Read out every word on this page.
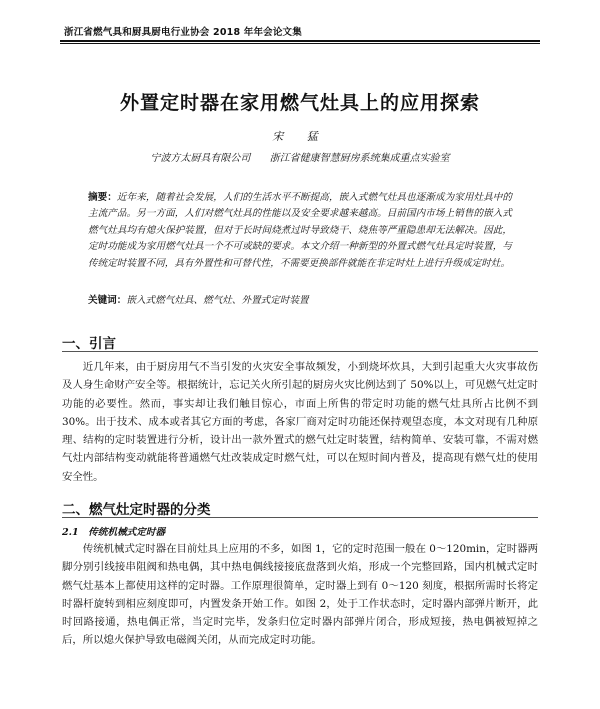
浙江省燃气具和厨具厨电行业协会 2018 年年会论文集
外置定时器在家用燃气灶具上的应用探索
宋 猛
宁波方太厨具有限公司 浙江省健康智慧厨房系统集成重点实验室
摘要：近年来，随着社会发展，人们的生活水平不断提高，嵌入式燃气灶具也逐渐成为家用灶具中的主流产品。另一方面，人们对燃气灶具的性能以及安全要求越来越高。目前国内市场上销售的嵌入式燃气灶具均有熄火保护装置，但对于长时间烧煮过时导致烧干、烧焦等严重隐患却无法解决。因此，定时功能成为家用燃气灶具一个不可或缺的要求。本文介绍一种新型的外置式燃气灶具定时装置，与传统定时装置不同，具有外置性和可替代性，不需要更换部件就能在非定时灶上进行升级成定时灶。
关键词：嵌入式燃气灶具、燃气灶、外置式定时装置
一、引言
近几年来，由于厨房用气不当引发的火灾安全事故频发，小到烧坏炊具，大到引起重大火灾事故伤及人身生命财产安全等。根据统计，忘记关火所引起的厨房火灾比例达到了 50%以上，可见燃气灶定时功能的必要性。然而，事实却让我们触目惊心，市面上所售的带定时功能的燃气灶具所占比例不到 30%。出于技术、成本或者其它方面的考虑，各家厂商对定时功能还保持观望态度，本文对现有几种原理、结构的定时装置进行分析，设计出一款外置式的燃气灶定时装置，结构简单、安装可靠，不需对燃气灶内部结构变动就能将普通燃气灶改装成定时燃气灶，可以在短时间内普及，提高现有燃气灶的使用安全性。
二、燃气灶定时器的分类
2.1　传统机械式定时器
传统机械式定时器在目前灶具上应用的不多，如图 1，它的定时范围一般在 0～120min，定时器两脚分别引线接串阻阀和热电偶，其中热电偶线接接底盘落到火焰，形成一个完整回路，国内机械式定时燃气灶基本上都使用这样的定时器。工作原理很简单，定时器上到有 0～120 刻度，根据所需时长将定时器杆旋转到相应刻度即可，内置发条开始工作。如图 2，处于工作状态时，定时器内部弹片断开，此时回路接通，热电偶正常，当定时完毕，发条归位定时器内部弹片闭合，形成短接，热电偶被短掉之后，所以熄火保护导致电磁阀关闭，从而完成定时功能。
